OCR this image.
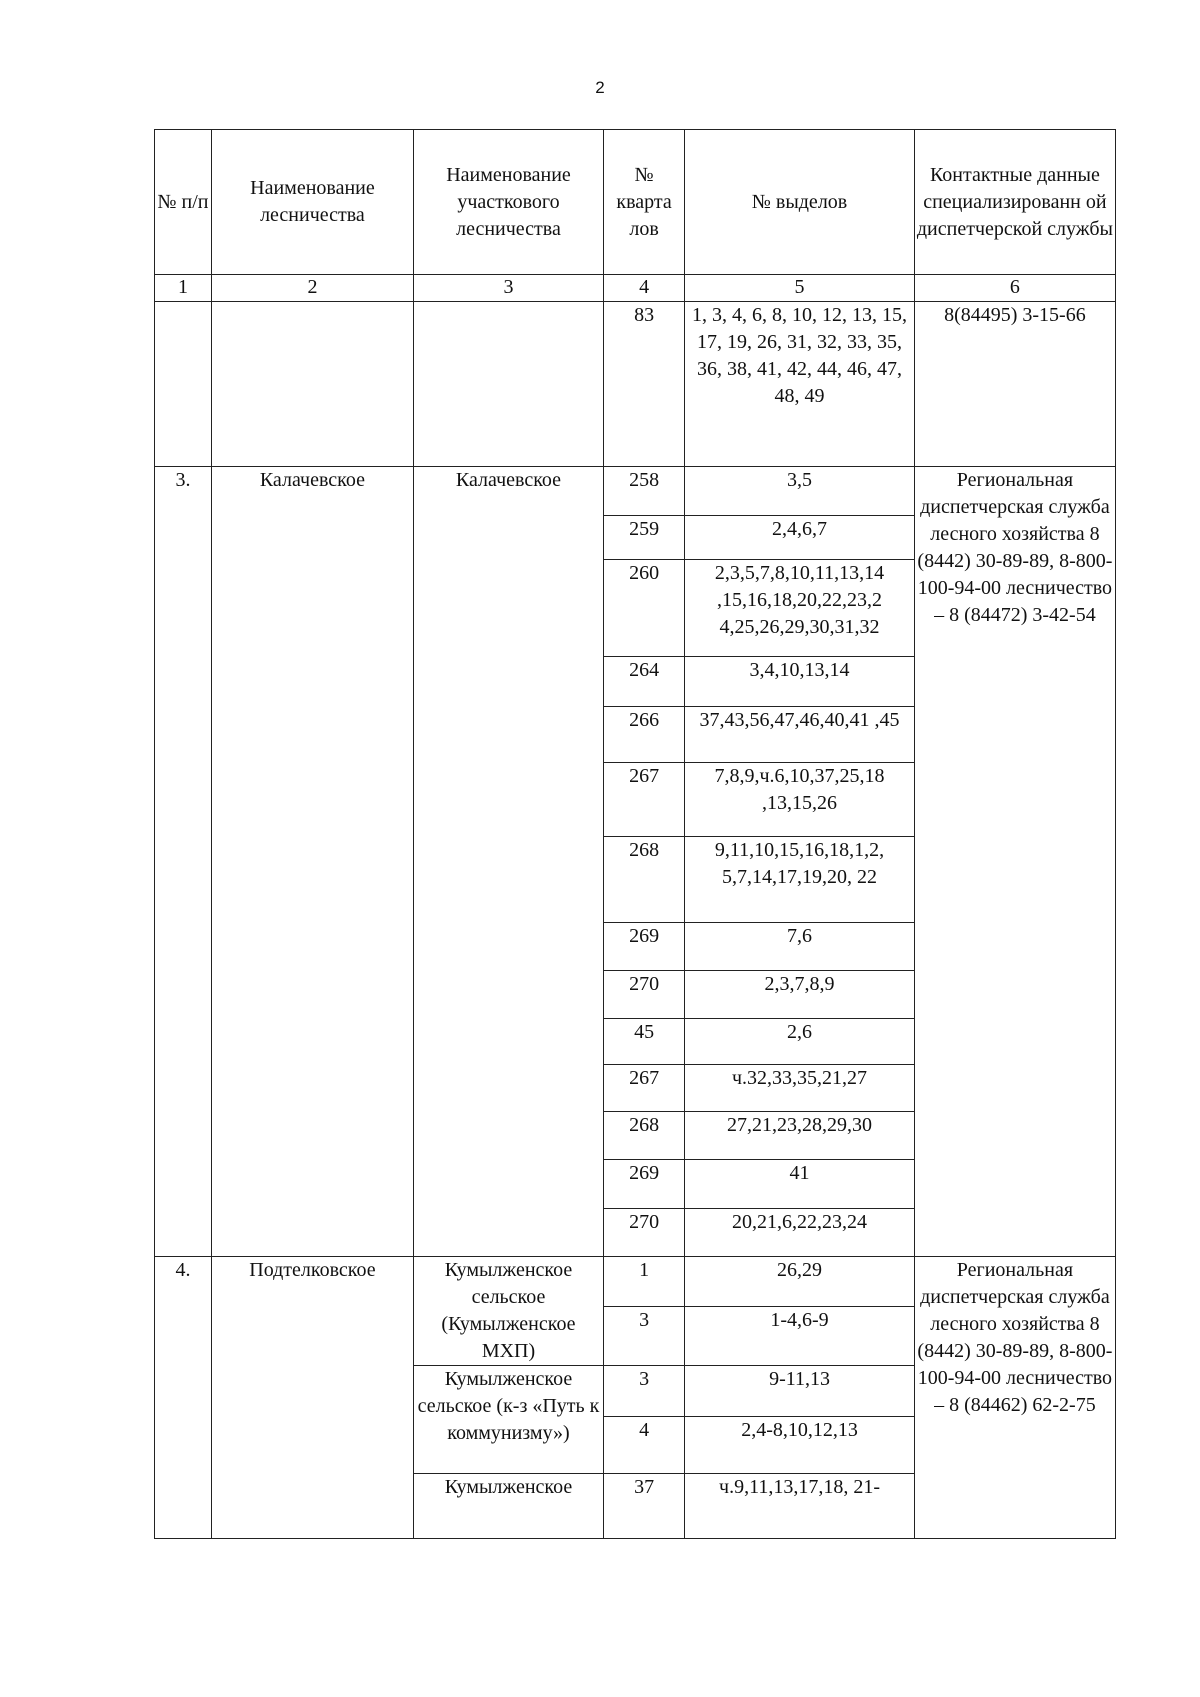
2
№ п/п	Наименование лесничества	Наименование участкового лесничества	№ кварта лов	№ выделов	Контактные данные специализированн ой диспетчерской службы
1	2	3	4	5	6
			83	1, 3, 4, 6, 8, 10, 12, 13, 15, 17, 19, 26, 31, 32, 33, 35, 36, 38, 41, 42, 44, 46, 47, 48, 49	8(84495) 3-15-66
3.	Калачевское	Калачевское	258	3,5	Региональная диспетчерская служба лесного хозяйства 8 (8442) 30-89-89, 8-800-100-94-00 лесничество – 8 (84472) 3-42-54
			259	2,4,6,7	
			260	2,3,5,7,8,10,11,13,14 ,15,16,18,20,22,23,2 4,25,26,29,30,31,32	
			264	3,4,10,13,14	
			266	37,43,56,47,46,40,41 ,45	
			267	7,8,9,ч.6,10,37,25,18 ,13,15,26	
			268	9,11,10,15,16,18,1,2, 5,7,14,17,19,20, 22	
			269	7,6	
			270	2,3,7,8,9	
			45	2,6	
			267	ч.32,33,35,21,27	
			268	27,21,23,28,29,30	
			269	41	
			270	20,21,6,22,23,24	
4.	Подтелковское	Кумылженское сельское (Кумылженское МХП)	1	26,29	Региональная диспетчерская служба лесного хозяйства 8 (8442) 30-89-89, 8-800-100-94-00 лесничество – 8 (84462) 62-2-75
			3	1-4,6-9	
		Кумылженское сельское (к-з «Путь к коммунизму»)	3	9-11,13	
			4	2,4-8,10,12,13	
		Кумылженское	37	ч.9,11,13,17,18, 21-	
